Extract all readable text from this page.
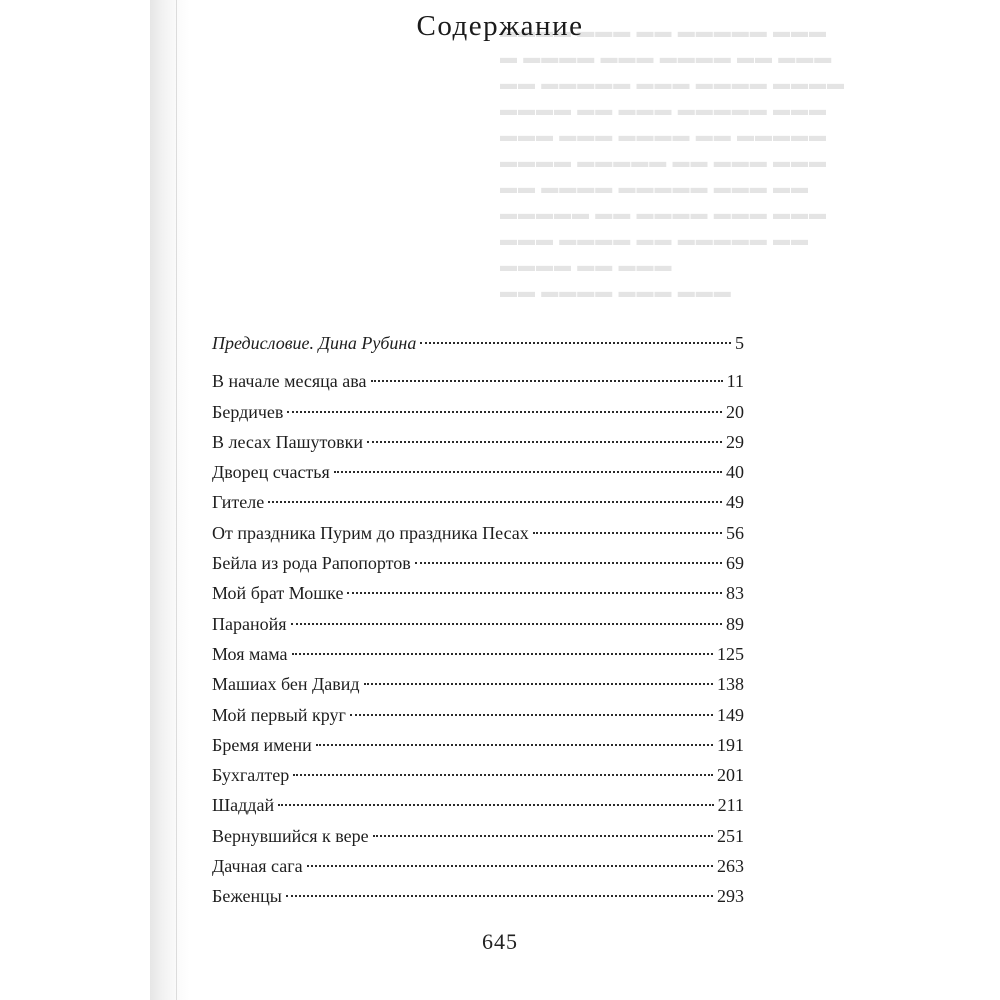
▬▬▬▬ ▬▬▬ ▬▬ ▬▬▬▬▬ ▬▬▬
▬ ▬▬▬▬ ▬▬▬ ▬▬▬▬ ▬▬ ▬▬▬
▬▬ ▬▬▬▬▬ ▬▬▬ ▬▬▬▬ ▬▬▬▬
▬▬▬▬ ▬▬ ▬▬▬ ▬▬▬▬▬ ▬▬▬
▬▬▬ ▬▬▬ ▬▬▬▬ ▬▬ ▬▬▬▬▬
▬▬▬▬ ▬▬▬▬▬ ▬▬ ▬▬▬ ▬▬▬
▬▬ ▬▬▬▬ ▬▬▬▬▬ ▬▬▬ ▬▬
▬▬▬▬▬ ▬▬ ▬▬▬▬ ▬▬▬ ▬▬▬
▬▬▬ ▬▬▬▬ ▬▬ ▬▬▬▬▬ ▬▬
▬▬▬▬ ▬▬ ▬▬▬
▬▬ ▬▬▬▬ ▬▬▬ ▬▬▬
Содержание
Предисловие. Дина Рубина	5
В начале месяца ава	11
Бердичев	20
В лесах Пашутовки	29
Дворец счастья	40
Гителе	49
От праздника Пурим до праздника Песах	56
Бейла из рода Рапопортов	69
Мой брат Мошке	83
Паранойя	89
Моя мама	125
Машиах бен Давид	138
Мой первый круг	149
Бремя имени	191
Бухгалтер	201
Шаддай	211
Вернувшийся к вере	251
Дачная сага	263
Беженцы	293
645
